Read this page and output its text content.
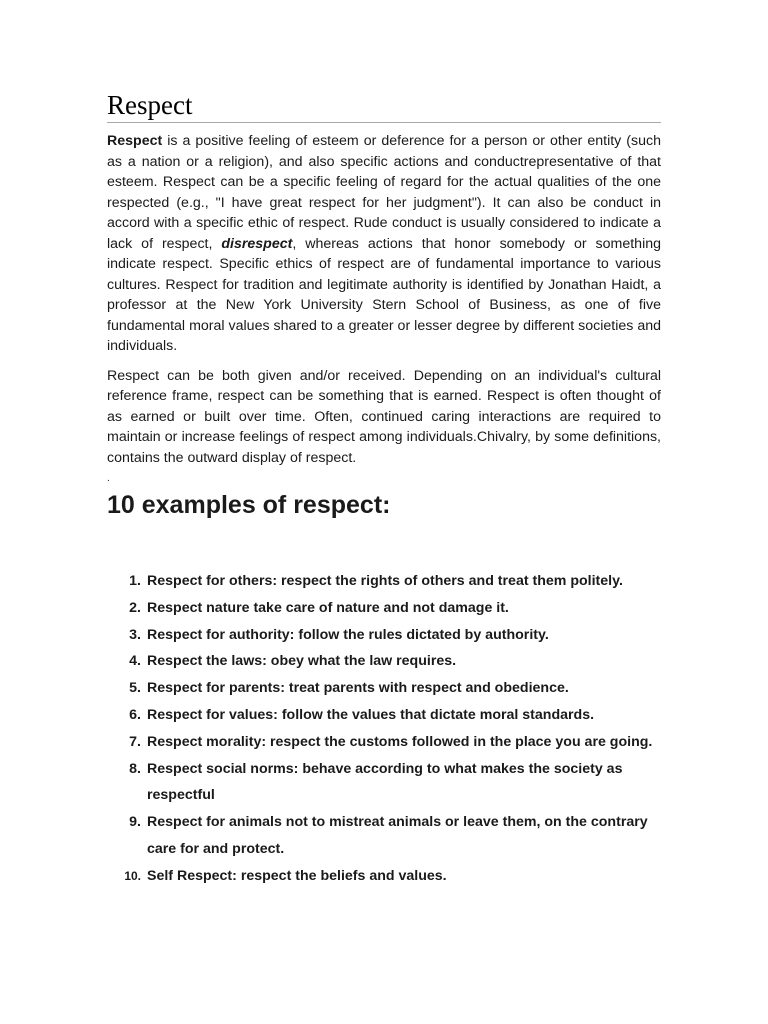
Respect

Respect is a positive feeling of esteem or deference for a person or other entity (such as a nation or a religion), and also specific actions and conductrepresentative of that esteem. Respect can be a specific feeling of regard for the actual qualities of the one respected (e.g., "I have great respect for her judgment"). It can also be conduct in accord with a specific ethic of respect. Rude conduct is usually considered to indicate a lack of respect, disrespect, whereas actions that honor somebody or something indicate respect. Specific ethics of respect are of fundamental importance to various cultures. Respect for tradition and legitimate authority is identified by Jonathan Haidt, a professor at the New York University Stern School of Business, as one of five fundamental moral values shared to a greater or lesser degree by different societies and individuals.

Respect can be both given and/or received. Depending on an individual's cultural reference frame, respect can be something that is earned. Respect is often thought of as earned or built over time. Often, continued caring interactions are required to maintain or increase feelings of respect among individuals.Chivalry, by some definitions, contains the outward display of respect.

.
10 examples of respect:
1. Respect for others: respect the rights of others and treat them politely.
2. Respect nature take care of nature and not damage it.
3. Respect for authority: follow the rules dictated by authority.
4. Respect the laws: obey what the law requires.
5. Respect for parents: treat parents with respect and obedience.
6. Respect for values: follow the values that dictate moral standards.
7. Respect morality: respect the customs followed in the place you are going.
8. Respect social norms: behave according to what makes the society as respectful
9. Respect for animals not to mistreat animals or leave them, on the contrary care for and protect.
10. Self Respect: respect the beliefs and values.
